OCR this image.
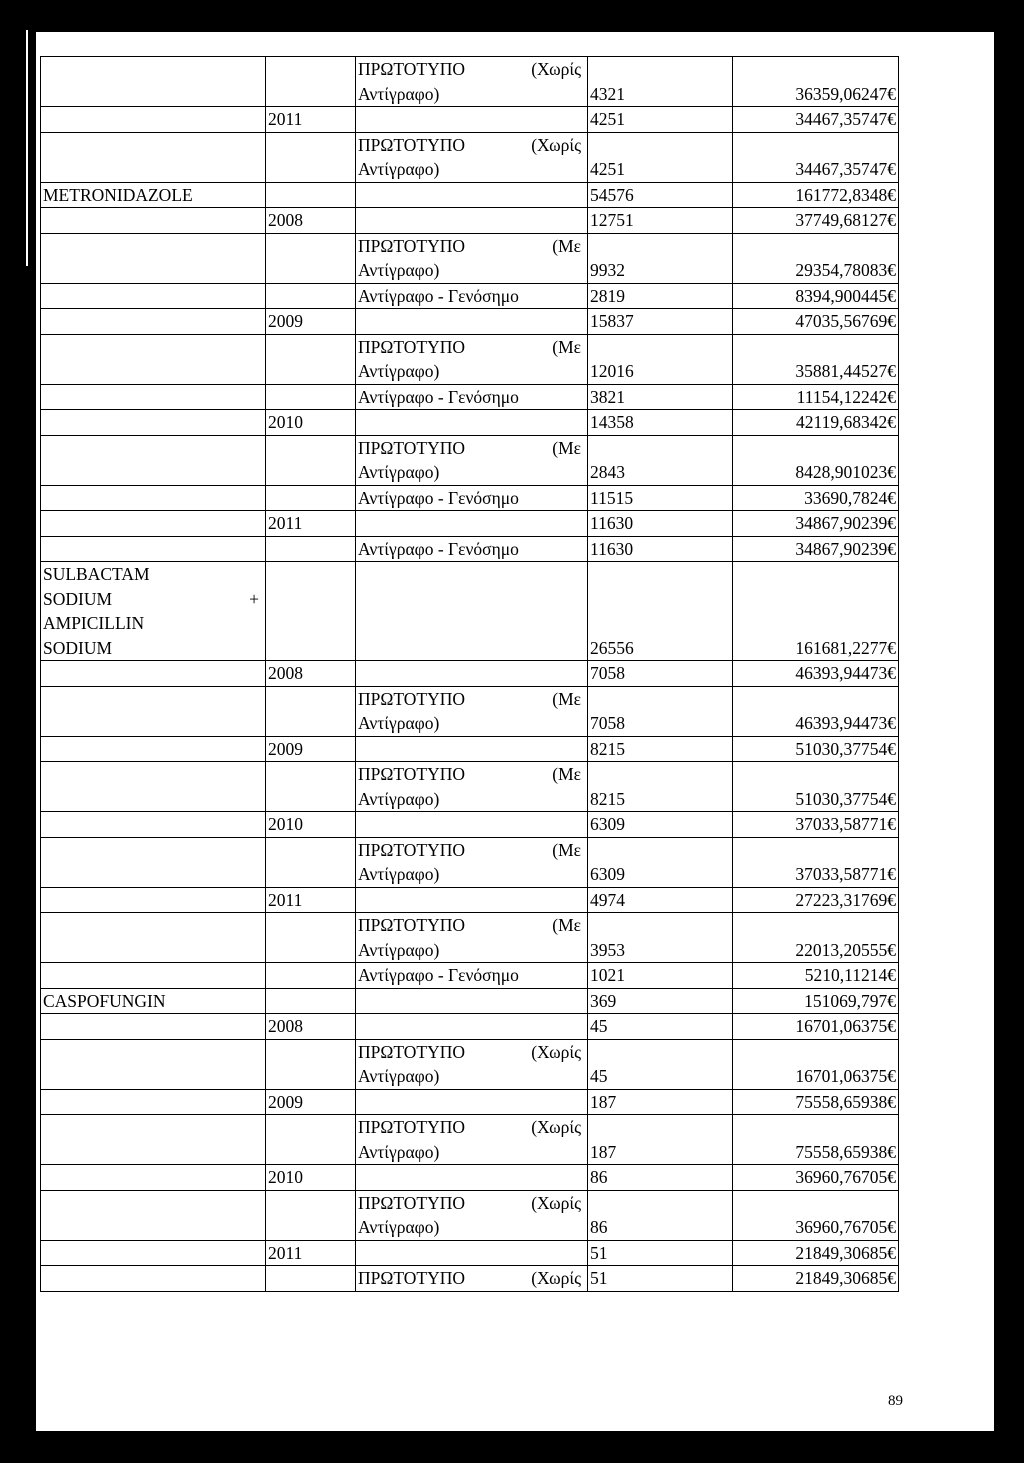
89

		ΠΡΩΤΟΤΥΠΟ (Χωρίς
Αντίγραφο)	4321	36359,06247€
	2011		4251	34467,35747€

		ΠΡΩΤΟΤΥΠΟ (Χωρίς
Αντίγραφο)	4251	34467,35747€
METRONIDAZOLE			54576	161772,8348€
	2008		12751	37749,68127€

		ΠΡΩΤΟΤΥΠΟ (Με
Αντίγραφο)	9932	29354,78083€
		Αντίγραφο - Γενόσημο	2819	8394,900445€
	2009		15837	47035,56769€

		ΠΡΩΤΟΤΥΠΟ (Με
Αντίγραφο)	12016	35881,44527€
		Αντίγραφο - Γενόσημο	3821	11154,12242€
	2010		14358	42119,68342€

		ΠΡΩΤΟΤΥΠΟ (Με
Αντίγραφο)	2843	8428,901023€
		Αντίγραφο - Γενόσημο	11515	33690,7824€
	2011		11630	34867,90239€
		Αντίγραφο - Γενόσημο	11630	34867,90239€

SULBACTAM
SODIUM +
AMPICILLIN
SODIUM			26556	161681,2277€
	2008		7058	46393,94473€

		ΠΡΩΤΟΤΥΠΟ (Με
Αντίγραφο)	7058	46393,94473€
	2009		8215	51030,37754€

		ΠΡΩΤΟΤΥΠΟ (Με
Αντίγραφο)	8215	51030,37754€
	2010		6309	37033,58771€

		ΠΡΩΤΟΤΥΠΟ (Με
Αντίγραφο)	6309	37033,58771€
	2011		4974	27223,31769€

		ΠΡΩΤΟΤΥΠΟ (Με
Αντίγραφο)	3953	22013,20555€
		Αντίγραφο - Γενόσημο	1021	5210,11214€
CASPOFUNGIN			369	151069,797€
	2008		45	16701,06375€

		ΠΡΩΤΟΤΥΠΟ (Χωρίς
Αντίγραφο)	45	16701,06375€
	2009		187	75558,65938€

		ΠΡΩΤΟΤΥΠΟ (Χωρίς
Αντίγραφο)	187	75558,65938€
	2010		86	36960,76705€

		ΠΡΩΤΟΤΥΠΟ (Χωρίς
Αντίγραφο)	86	36960,76705€
	2011		51	21849,30685€

		ΠΡΩΤΟΤΥΠΟ (Χωρίς	51	21849,30685€
